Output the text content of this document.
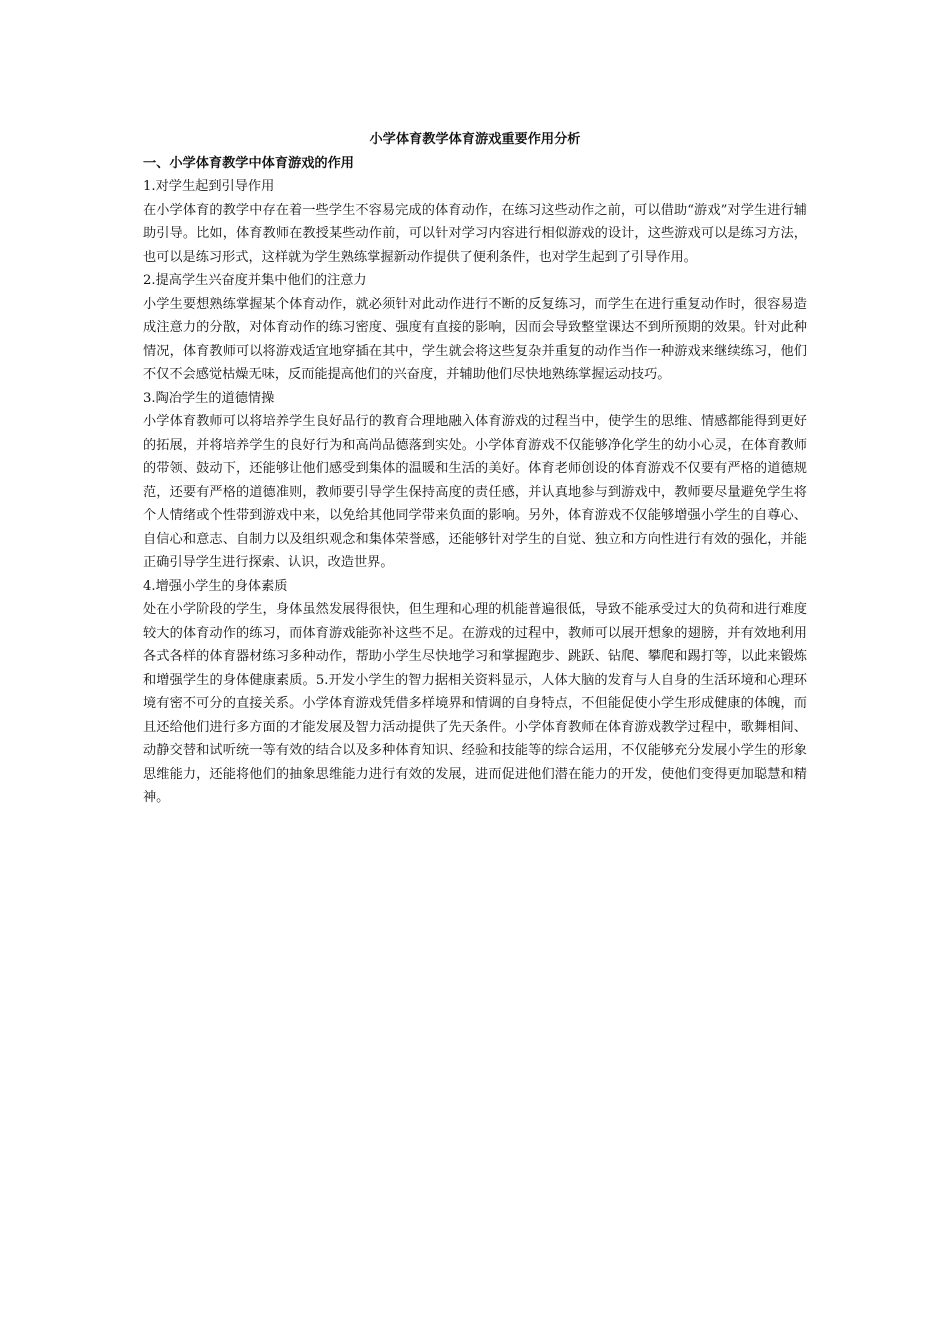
小学体育教学体育游戏重要作用分析
一、小学体育教学中体育游戏的作用
1.对学生起到引导作用
在小学体育的教学中存在着一些学生不容易完成的体育动作，在练习这些动作之前，可以借助“游戏”对学生进行辅助引导。比如，体育教师在教授某些动作前，可以针对学习内容进行相似游戏的设计，这些游戏可以是练习方法，也可以是练习形式，这样就为学生熟练掌握新动作提供了便利条件，也对学生起到了引导作用。
2.提高学生兴奋度并集中他们的注意力
小学生要想熟练掌握某个体育动作，就必须针对此动作进行不断的反复练习，而学生在进行重复动作时，很容易造成注意力的分散，对体育动作的练习密度、强度有直接的影响，因而会导致整堂课达不到所预期的效果。针对此种情况，体育教师可以将游戏适宜地穿插在其中，学生就会将这些复杂并重复的动作当作一种游戏来继续练习，他们不仅不会感觉枯燥无味，反而能提高他们的兴奋度，并辅助他们尽快地熟练掌握运动技巧。
3.陶冶学生的道德情操
小学体育教师可以将培养学生良好品行的教育合理地融入体育游戏的过程当中，使学生的思维、情感都能得到更好的拓展，并将培养学生的良好行为和高尚品德落到实处。小学体育游戏不仅能够净化学生的幼小心灵，在体育教师的带领、鼓动下，还能够让他们感受到集体的温暖和生活的美好。体育老师创设的体育游戏不仅要有严格的道德规范，还要有严格的道德准则，教师要引导学生保持高度的责任感，并认真地参与到游戏中，教师要尽量避免学生将个人情绪或个性带到游戏中来，以免给其他同学带来负面的影响。另外，体育游戏不仅能够增强小学生的自尊心、自信心和意志、自制力以及组织观念和集体荣誉感，还能够针对学生的自觉、独立和方向性进行有效的强化，并能正确引导学生进行探索、认识，改造世界。
4.增强小学生的身体素质
处在小学阶段的学生，身体虽然发展得很快，但生理和心理的机能普遍很低，导致不能承受过大的负荷和进行难度较大的体育动作的练习，而体育游戏能弥补这些不足。在游戏的过程中，教师可以展开想象的翅膀，并有效地利用各式各样的体育器材练习多种动作，帮助小学生尽快地学习和掌握跑步、跳跃、钻爬、攀爬和踢打等，以此来锻炼和增强学生的身体健康素质。5.开发小学生的智力据相关资料显示，人体大脑的发育与人自身的生活环境和心理环境有密不可分的直接关系。小学体育游戏凭借多样境界和情调的自身特点，不但能促使小学生形成健康的体魄，而且还给他们进行多方面的才能发展及智力活动提供了先天条件。小学体育教师在体育游戏教学过程中，歌舞相间、动静交替和试听统一等有效的结合以及多种体育知识、经验和技能等的综合运用，不仅能够充分发展小学生的形象思维能力，还能将他们的抽象思维能力进行有效的发展，进而促进他们潜在能力的开发，使他们变得更加聪慧和精神。
